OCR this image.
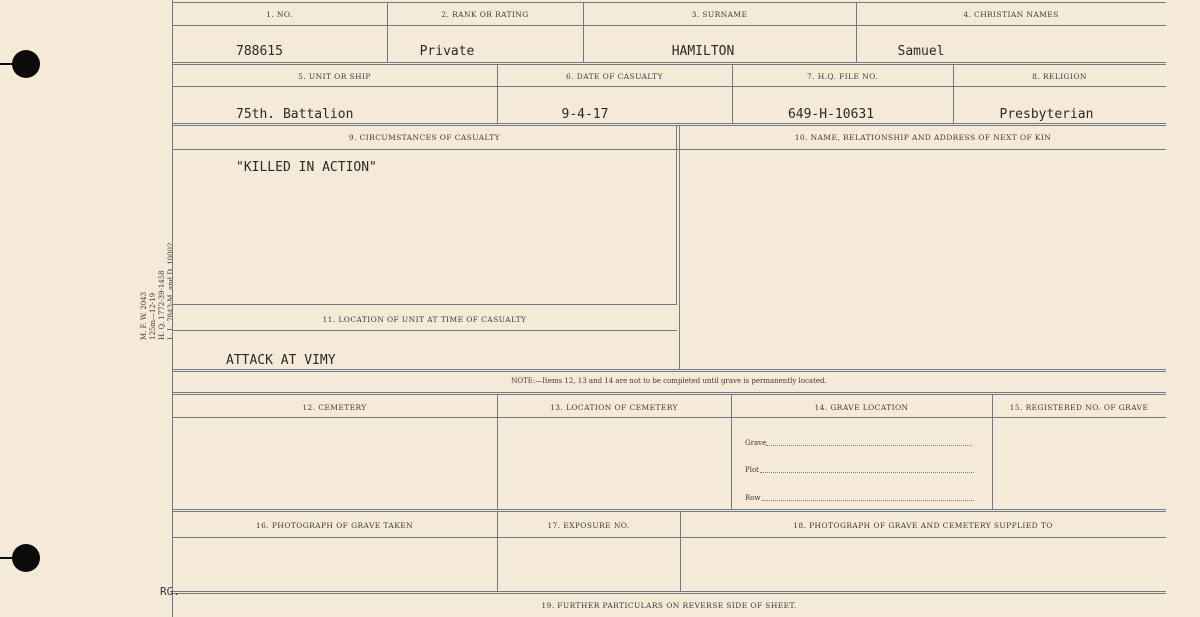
M. F. W. 2043 125m—12-19 H. Q. 1772-39-1458 L. L. 7843-M. and D. 10002
1. NO.	2. RANK OR RATING	3. SURNAME	4. CHRISTIAN NAMES
788615	Private	HAMILTON	Samuel
5. UNIT OR SHIP	6. DATE OF CASUALTY	7. H.Q. FILE NO.	8. RELIGION
75th. Battalion	9-4-17	649-H-10631	Presbyterian
9. CIRCUMSTANCES OF CASUALTY	10. NAME, RELATIONSHIP AND ADDRESS OF NEXT OF KIN
"KILLED IN ACTION"
11. LOCATION OF UNIT AT TIME OF CASUALTY
ATTACK AT VIMY
NOTE:—Items 12, 13 and 14 are not to be completed until grave is permanently located.
12. CEMETERY	13. LOCATION OF CEMETERY	14. GRAVE LOCATION	15. REGISTERED NO. OF GRAVE
Grave
Plot
Row
16. PHOTOGRAPH OF GRAVE TAKEN	17. EXPOSURE NO.	18. PHOTOGRAPH OF GRAVE AND CEMETERY SUPPLIED TO
RG.
19. FURTHER PARTICULARS ON REVERSE SIDE OF SHEET.
